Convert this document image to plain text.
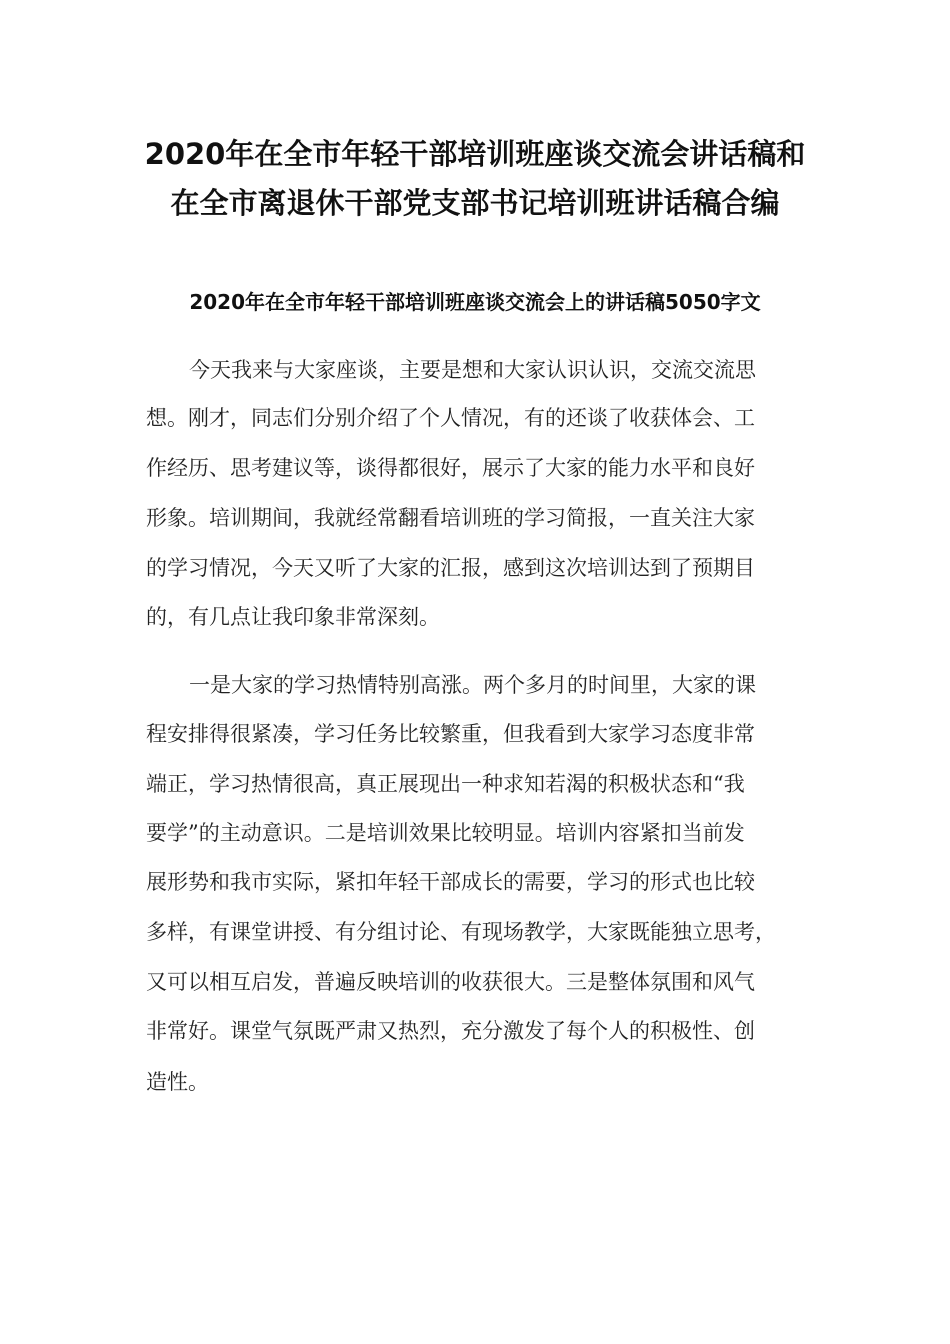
2020年在全市年轻干部培训班座谈交流会讲话稿和
在全市离退休干部党支部书记培训班讲话稿合编
2020年在全市年轻干部培训班座谈交流会上的讲话稿5050字文
今天我来与大家座谈，主要是想和大家认识认识，交流交流思
想。刚才，同志们分别介绍了个人情况，有的还谈了收获体会、工
作经历、思考建议等，谈得都很好，展示了大家的能力水平和良好
形象。培训期间，我就经常翻看培训班的学习简报，一直关注大家
的学习情况，今天又听了大家的汇报，感到这次培训达到了预期目
的，有几点让我印象非常深刻。
一是大家的学习热情特别高涨。两个多月的时间里，大家的课
程安排得很紧凑，学习任务比较繁重，但我看到大家学习态度非常
端正，学习热情很高，真正展现出一种求知若渴的积极状态和“我
要学”的主动意识。二是培训效果比较明显。培训内容紧扣当前发
展形势和我市实际，紧扣年轻干部成长的需要，学习的形式也比较
多样，有课堂讲授、有分组讨论、有现场教学，大家既能独立思考，
又可以相互启发，普遍反映培训的收获很大。三是整体氛围和风气
非常好。课堂气氛既严肃又热烈，充分激发了每个人的积极性、创
造性。
